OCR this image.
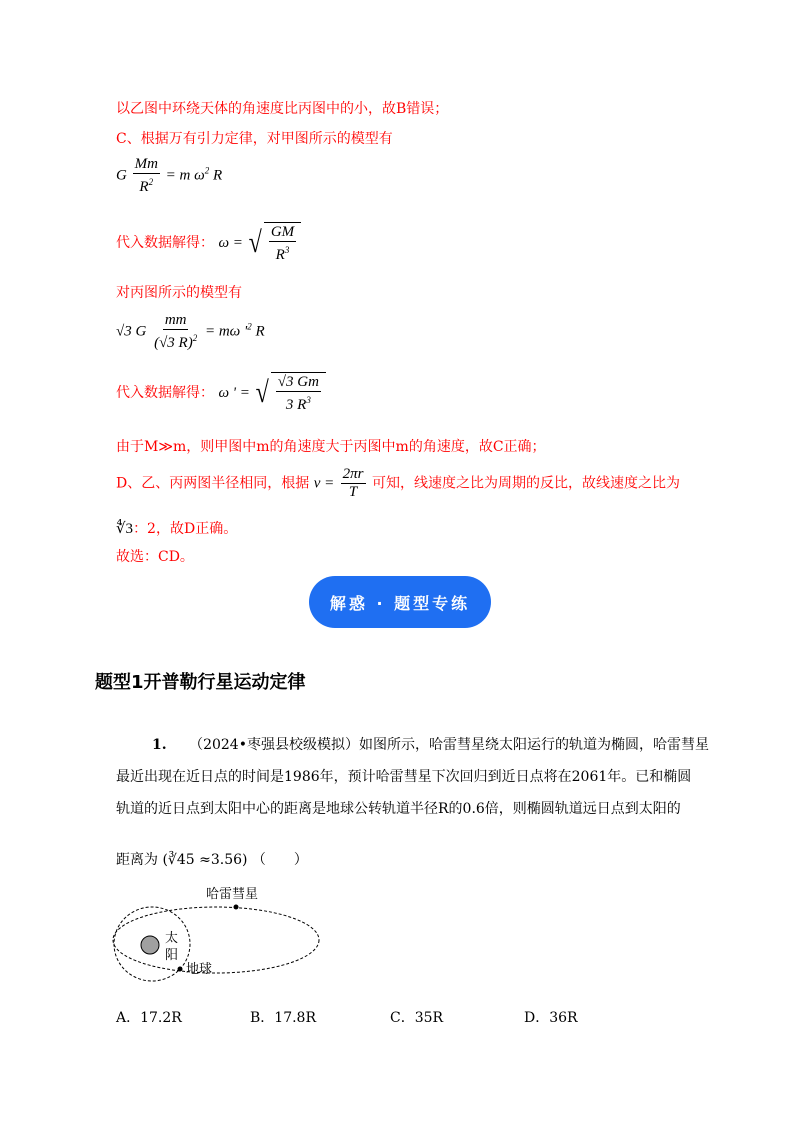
以乙图中环绕天体的角速度比丙图中的小，故B错误；
C、根据万有引力定律，对甲图所示的模型有
G $\frac{Mm}{R^2} = m$ $\omega^2$ R
代入数据解得： ω = √ $\frac{GM}{R^3}$
对丙图所示的模型有
√3 G $\frac{mm}{(√3 R)^2} = m\omega$ '$^2$ R
代入数据解得： ω ' = √ $\frac{√3 Gm}{3 R^3}$
由于M≫m，则甲图中m的角速度大于丙图中m的角速度，故C正确；
D、乙、丙两图半径相同，根据 $v = \frac{2\pi r}{T}$ 可知，线速度之比为周期的反比，故线速度之比为
∜3：2，故D正确。
故选：CD。
解惑 · 题型专练
题型1开普勒行星运动定律
1. （2024•枣强县校级模拟）如图所示，哈雷彗星绕太阳运行的轨道为椭圆，哈雷彗星
最近出现在近日点的时间是1986年，预计哈雷彗星下次回归到近日点将在2061年。已和椭圆
轨道的近日点到太阳中心的距离是地球公转轨道半径R的0.6倍，则椭圆轨道远日点到太阳的
距离为 (∛45 ≈3.56) （　　）
哈雷彗星
太
阳
地球
A．17.2R	B．17.8R	C．35R	D．36R
